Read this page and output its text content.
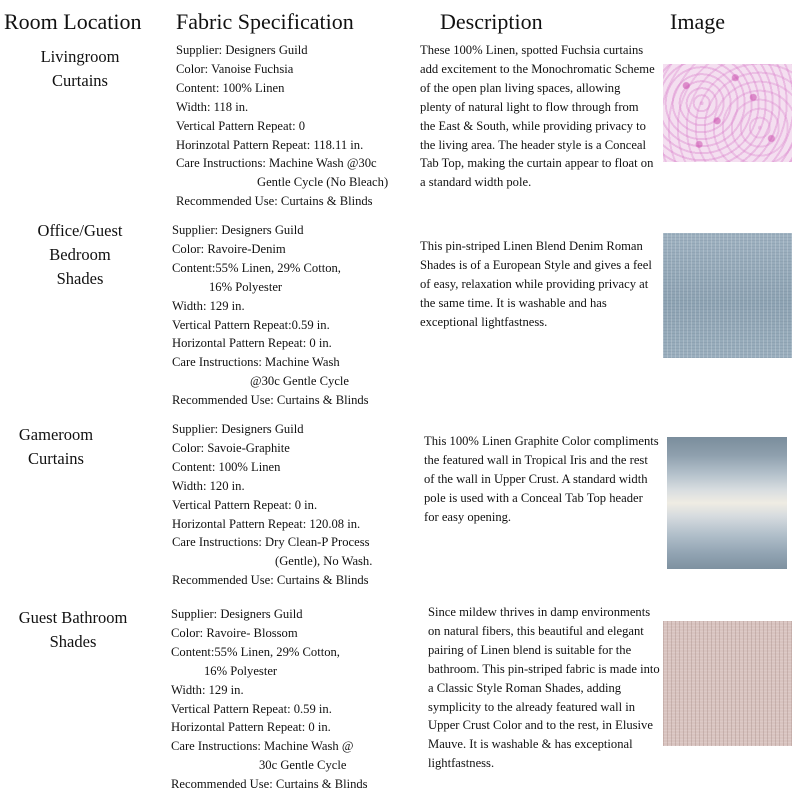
Room Location Fabric Specification	Description	Image
Livingroom
Curtains
Supplier: Designers Guild
Color: Vanoise Fuchsia
Content: 100% Linen
Width: 118 in.
Vertical Pattern Repeat: 0
Horinzotal Pattern Repeat: 118.11 in.
Care Instructions: Machine Wash @30c
Gentle Cycle (No Bleach)
Recommended Use: Curtains & Blinds
These 100% Linen, spotted Fuchsia curtains add excitement to the Monochromatic Scheme of the open plan living spaces, allowing plenty of natural light to flow through from the East & South, while providing privacy to the living area. The header style is a Conceal Tab Top, making the curtain appear to float on a standard width pole.
Office/Guest
Bedroom
Shades
Supplier: Designers Guild
Color: Ravoire-Denim
Content:55% Linen, 29% Cotton,
16% Polyester
Width: 129 in.
Vertical Pattern Repeat:0.59 in.
Horizontal Pattern Repeat: 0 in.
Care Instructions: Machine Wash
@30c Gentle Cycle
Recommended Use: Curtains & Blinds
This pin-striped Linen Blend Denim Roman Shades is of a European Style and gives a feel of easy, relaxation while providing privacy at the same time. It is washable and has exceptional lightfastness.
Gameroom
Curtains
Supplier: Designers Guild
Color: Savoie-Graphite
Content: 100% Linen
Width: 120 in.
Vertical Pattern Repeat: 0 in.
Horizontal Pattern Repeat: 120.08 in.
Care Instructions: Dry Clean-P Process
(Gentle), No Wash.
Recommended Use: Curtains & Blinds
This 100% Linen Graphite Color compliments the featured wall in Tropical Iris and the rest of the wall in Upper Crust. A standard width pole is used with a Conceal Tab Top header for easy opening.
Guest Bathroom
Shades
Supplier: Designers Guild
Color: Ravoire- Blossom
Content:55% Linen, 29% Cotton,
16% Polyester
Width: 129 in.
Vertical Pattern Repeat: 0.59 in.
Horizontal Pattern Repeat: 0 in.
Care Instructions: Machine Wash @
30c Gentle Cycle
Recommended Use: Curtains & Blinds
Since mildew thrives in damp environments on natural fibers, this beautiful and elegant pairing of Linen blend is suitable for the bathroom. This pin-striped fabric is made into a Classic Style Roman Shades, adding symplicity to the already featured wall in Upper Crust Color and to the rest, in Elusive Mauve. It is washable & has exceptional lightfastness.
